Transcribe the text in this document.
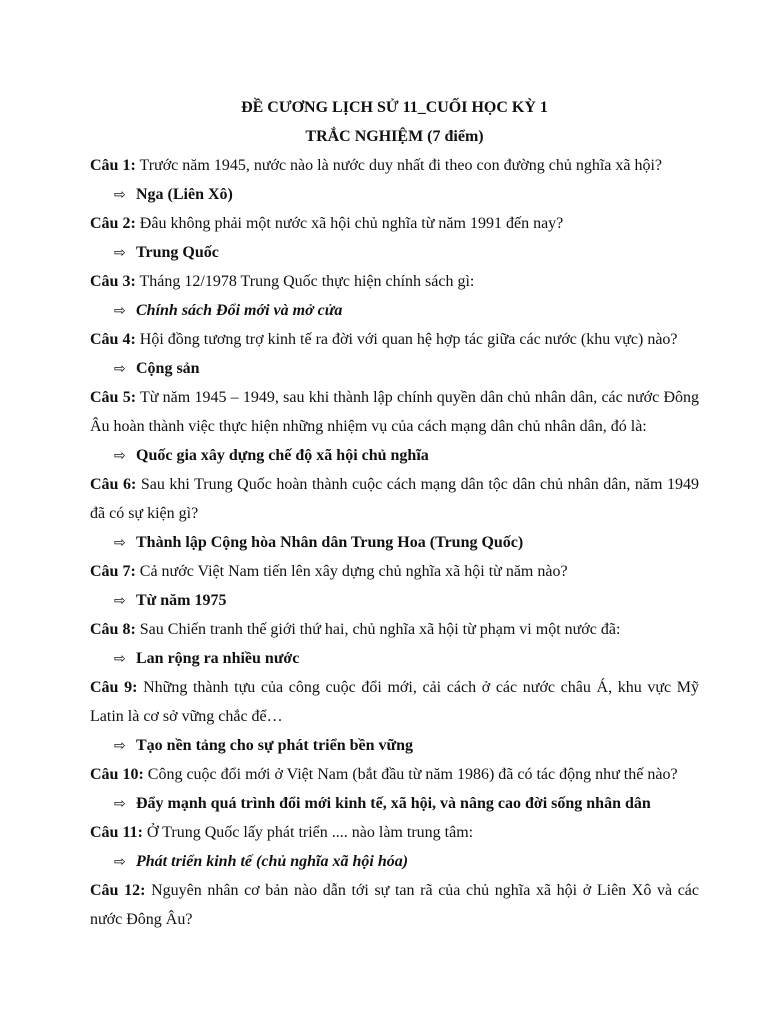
ĐỀ CƯƠNG LỊCH SỬ 11_CUỐI HỌC KỲ 1
TRẮC NGHIỆM (7 điểm)
Câu 1: Trước năm 1945, nước nào là nước duy nhất đi theo con đường chủ nghĩa xã hội?
⇨ Nga (Liên Xô)
Câu 2: Đâu không phải một nước xã hội chủ nghĩa từ năm 1991 đến nay?
⇨ Trung Quốc
Câu 3: Tháng 12/1978 Trung Quốc thực hiện chính sách gì:
⇨ Chính sách Đổi mới và mở cửa
Câu 4: Hội đồng tương trợ kinh tế ra đời với quan hệ hợp tác giữa các nước (khu vực) nào?
⇨ Cộng sản
Câu 5: Từ năm 1945 – 1949, sau khi thành lập chính quyền dân chủ nhân dân, các nước Đông Âu hoàn thành việc thực hiện những nhiệm vụ của cách mạng dân chủ nhân dân, đó là:
⇨ Quốc gia xây dựng chế độ xã hội chủ nghĩa
Câu 6: Sau khi Trung Quốc hoàn thành cuộc cách mạng dân tộc dân chủ nhân dân, năm 1949 đã có sự kiện gì?
⇨ Thành lập Cộng hòa Nhân dân Trung Hoa (Trung Quốc)
Câu 7: Cả nước Việt Nam tiến lên xây dựng chủ nghĩa xã hội từ năm nào?
⇨ Từ năm 1975
Câu 8: Sau Chiến tranh thế giới thứ hai, chủ nghĩa xã hội từ phạm vi một nước đã:
⇨ Lan rộng ra nhiều nước
Câu 9: Những thành tựu của công cuộc đổi mới, cải cách ở các nước châu Á, khu vực Mỹ Latin là cơ sở vững chắc để…
⇨ Tạo nền tảng cho sự phát triển bền vững
Câu 10: Công cuộc đổi mới ở Việt Nam (bắt đầu từ năm 1986) đã có tác động như thế nào?
⇨ Đẩy mạnh quá trình đổi mới kinh tế, xã hội, và nâng cao đời sống nhân dân
Câu 11: Ở Trung Quốc lấy phát triển .... nào làm trung tâm:
⇨ Phát triển kinh tế (chủ nghĩa xã hội hóa)
Câu 12: Nguyên nhân cơ bản nào dẫn tới sự tan rã của chủ nghĩa xã hội ở Liên Xô và các nước Đông Âu?
